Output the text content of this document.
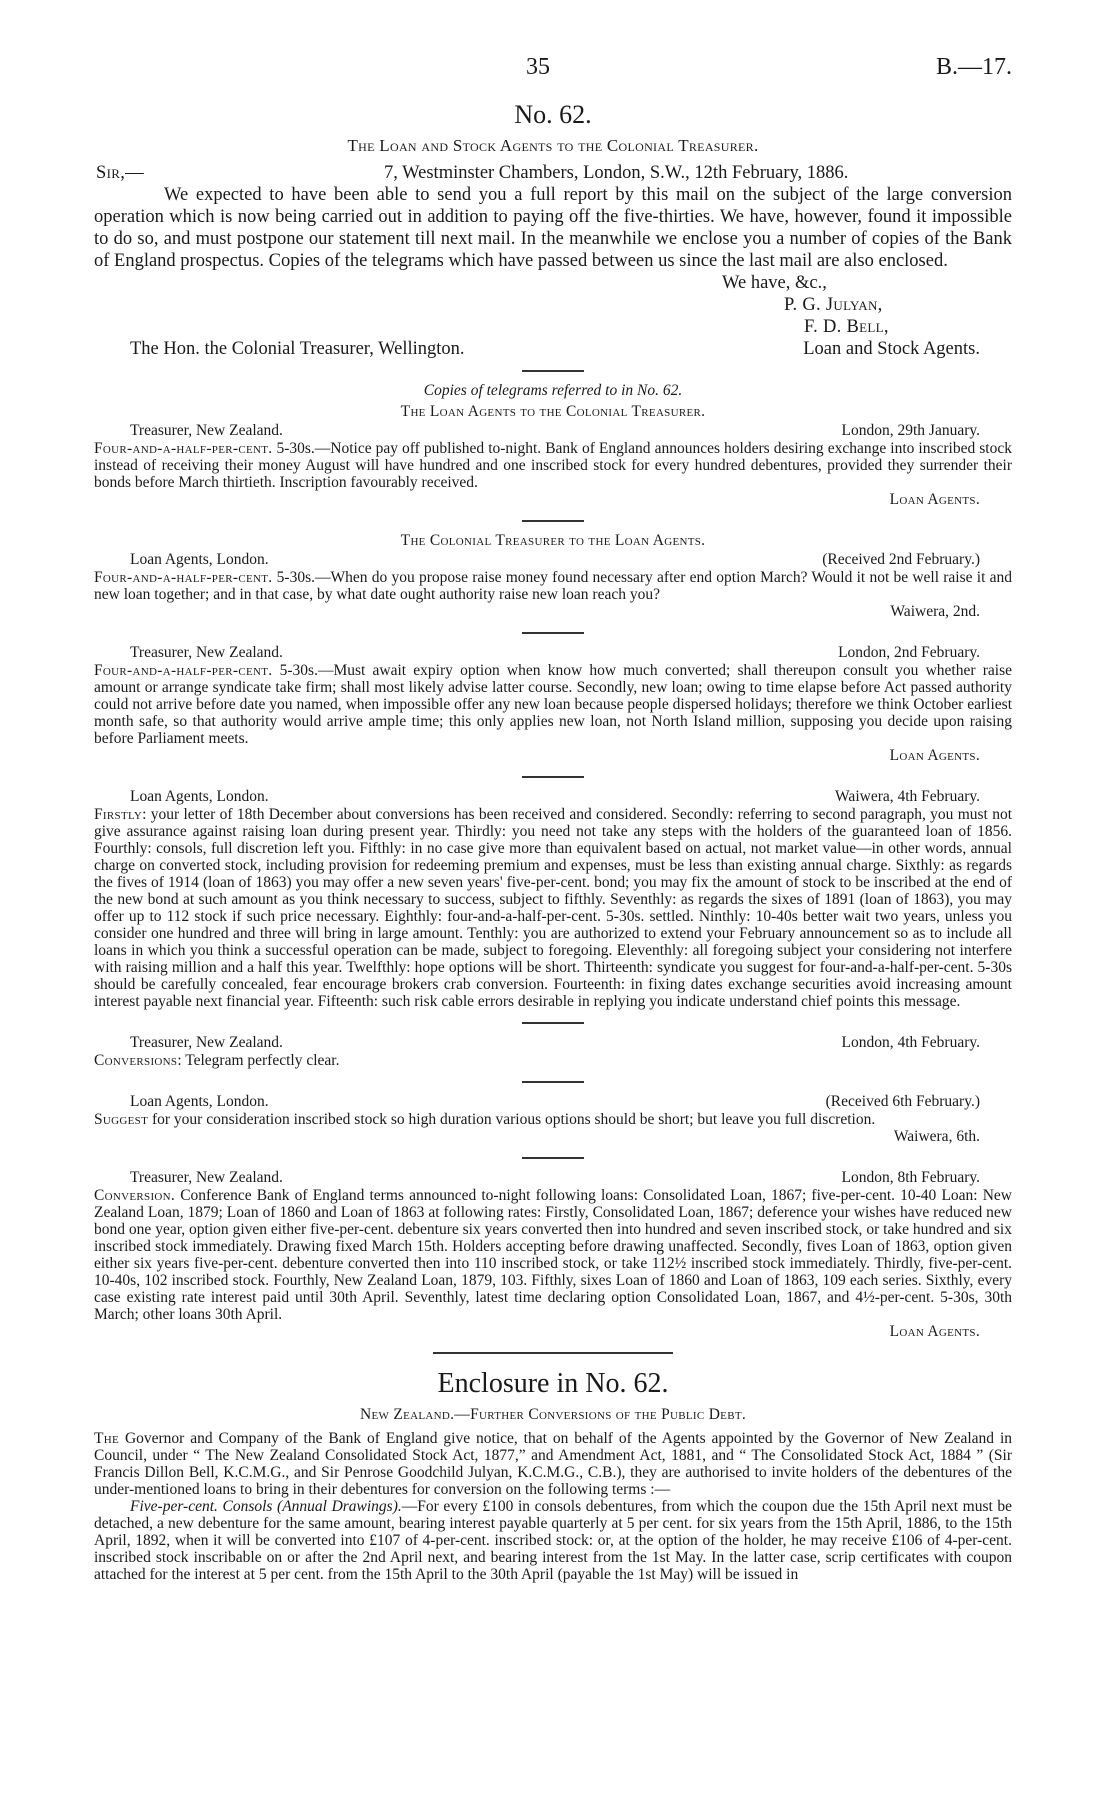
35	B.—17.
No. 62.
The Loan and Stock Agents to the Colonial Treasurer.
Sir,—	7, Westminster Chambers, London, S.W., 12th February, 1886.
We expected to have been able to send you a full report by this mail on the subject of the large conversion operation which is now being carried out in addition to paying off the five-thirties. We have, however, found it impossible to do so, and must postpone our statement till next mail. In the meanwhile we enclose you a number of copies of the Bank of England prospectus. Copies of the telegrams which have passed between us since the last mail are also enclosed.
We have, &c.,
P. G. Julyan,
F. D. Bell,
The Hon. the Colonial Treasurer, Wellington.	Loan and Stock Agents.
Copies of telegrams referred to in No. 62.
The Loan Agents to the Colonial Treasurer.
Treasurer, New Zealand.	London, 29th January.

Four-and-a-half-per-cent. 5-30s.—Notice pay off published to-night. Bank of England announces holders desiring exchange into inscribed stock instead of receiving their money August will have hundred and one inscribed stock for every hundred debentures, provided they surrender their bonds before March thirtieth. Inscription favourably received.

Loan Agents.
The Colonial Treasurer to the Loan Agents.
Loan Agents, London.	(Received 2nd February.)

Four-and-a-half-per-cent. 5-30s.—When do you propose raise money found necessary after end option March? Would it not be well raise it and new loan together; and in that case, by what date ought authority raise new loan reach you?

Waiwera, 2nd.
Treasurer, New Zealand.	London, 2nd February.

Four-and-a-half-per-cent. 5-30s.—Must await expiry option when know how much converted; shall thereupon consult you whether raise amount or arrange syndicate take firm; shall most likely advise latter course. Secondly, new loan; owing to time elapse before Act passed authority could not arrive before date you named, when impossible offer any new loan because people dispersed holidays; therefore we think October earliest month safe, so that authority would arrive ample time; this only applies new loan, not North Island million, supposing you decide upon raising before Parliament meets.

Loan Agents.
Loan Agents, London.	Waiwera, 4th February.

Firstly: your letter of 18th December about conversions has been received and considered. Secondly: referring to second paragraph, you must not give assurance against raising loan during present year. Thirdly: you need not take any steps with the holders of the guaranteed loan of 1856. Fourthly: consols, full discretion left you. Fifthly: in no case give more than equivalent based on actual, not market value—in other words, annual charge on converted stock, including provision for redeeming premium and expenses, must be less than existing annual charge. Sixthly: as regards the fives of 1914 (loan of 1863) you may offer a new seven years' five-per-cent. bond; you may fix the amount of stock to be inscribed at the end of the new bond at such amount as you think necessary to success, subject to fifthly. Seventhly: as regards the sixes of 1891 (loan of 1863), you may offer up to 112 stock if such price necessary. Eighthly: four-and-a-half-per-cent. 5-30s. settled. Ninthly: 10-40s better wait two years, unless you consider one hundred and three will bring in large amount. Tenthly: you are authorized to extend your February announcement so as to include all loans in which you think a successful operation can be made, subject to foregoing. Eleventhly: all foregoing subject your considering not interfere with raising million and a half this year. Twelfthly: hope options will be short. Thirteenth: syndicate you suggest for four-and-a-half-per-cent. 5-30s should be carefully concealed, fear encourage brokers crab conversion. Fourteenth: in fixing dates exchange securities avoid increasing amount interest payable next financial year. Fifteenth: such risk cable errors desirable in replying you indicate understand chief points this message.

Treasurer, New Zealand.	London, 4th February.

Conversions: Telegram perfectly clear.

Loan Agents, London.	(Received 6th February.)

Suggest for your consideration inscribed stock so high duration various options should be short; but leave you full discretion.

Waiwera, 6th.
Treasurer, New Zealand.	London, 8th February.

Conversion. Conference Bank of England terms announced to-night following loans: Consolidated Loan, 1867; five-per-cent. 10-40 Loan: New Zealand Loan, 1879; Loan of 1860 and Loan of 1863 at following rates: Firstly, Consolidated Loan, 1867; deference your wishes have reduced new bond one year, option given either five-per-cent. debenture six years converted then into hundred and seven inscribed stock, or take hundred and six inscribed stock immediately. Drawing fixed March 15th. Holders accepting before drawing unaffected. Secondly, fives Loan of 1863, option given either six years five-per-cent. debenture converted then into 110 inscribed stock, or take 112½ inscribed stock immediately. Thirdly, five-per-cent. 10-40s, 102 inscribed stock. Fourthly, New Zealand Loan, 1879, 103. Fifthly, sixes Loan of 1860 and Loan of 1863, 109 each series. Sixthly, every case existing rate interest paid until 30th April. Seventhly, latest time declaring option Consolidated Loan, 1867, and 4½-per-cent. 5-30s, 30th March; other loans 30th April.

Loan Agents.
Enclosure in No. 62.
New Zealand.—Further Conversions of the Public Debt.

The Governor and Company of the Bank of England give notice, that on behalf of the Agents appointed by the Governor of New Zealand in Council, under “ The New Zealand Consolidated Stock Act, 1877,” and Amendment Act, 1881, and “ The Consolidated Stock Act, 1884 ” (Sir Francis Dillon Bell, K.C.M.G., and Sir Penrose Goodchild Julyan, K.C.M.G., C.B.), they are authorised to invite holders of the debentures of the under-mentioned loans to bring in their debentures for conversion on the following terms :—

Five-per-cent. Consols (Annual Drawings).—For every £100 in consols debentures, from which the coupon due the 15th April next must be detached, a new debenture for the same amount, bearing interest payable quarterly at 5 per cent. for six years from the 15th April, 1886, to the 15th April, 1892, when it will be converted into £107 of 4-per-cent. inscribed stock: or, at the option of the holder, he may receive £106 of 4-per-cent. inscribed stock inscribable on or after the 2nd April next, and bearing interest from the 1st May. In the latter case, scrip certificates with coupon attached for the interest at 5 per cent. from the 15th April to the 30th April (payable the 1st May) will be issued in
